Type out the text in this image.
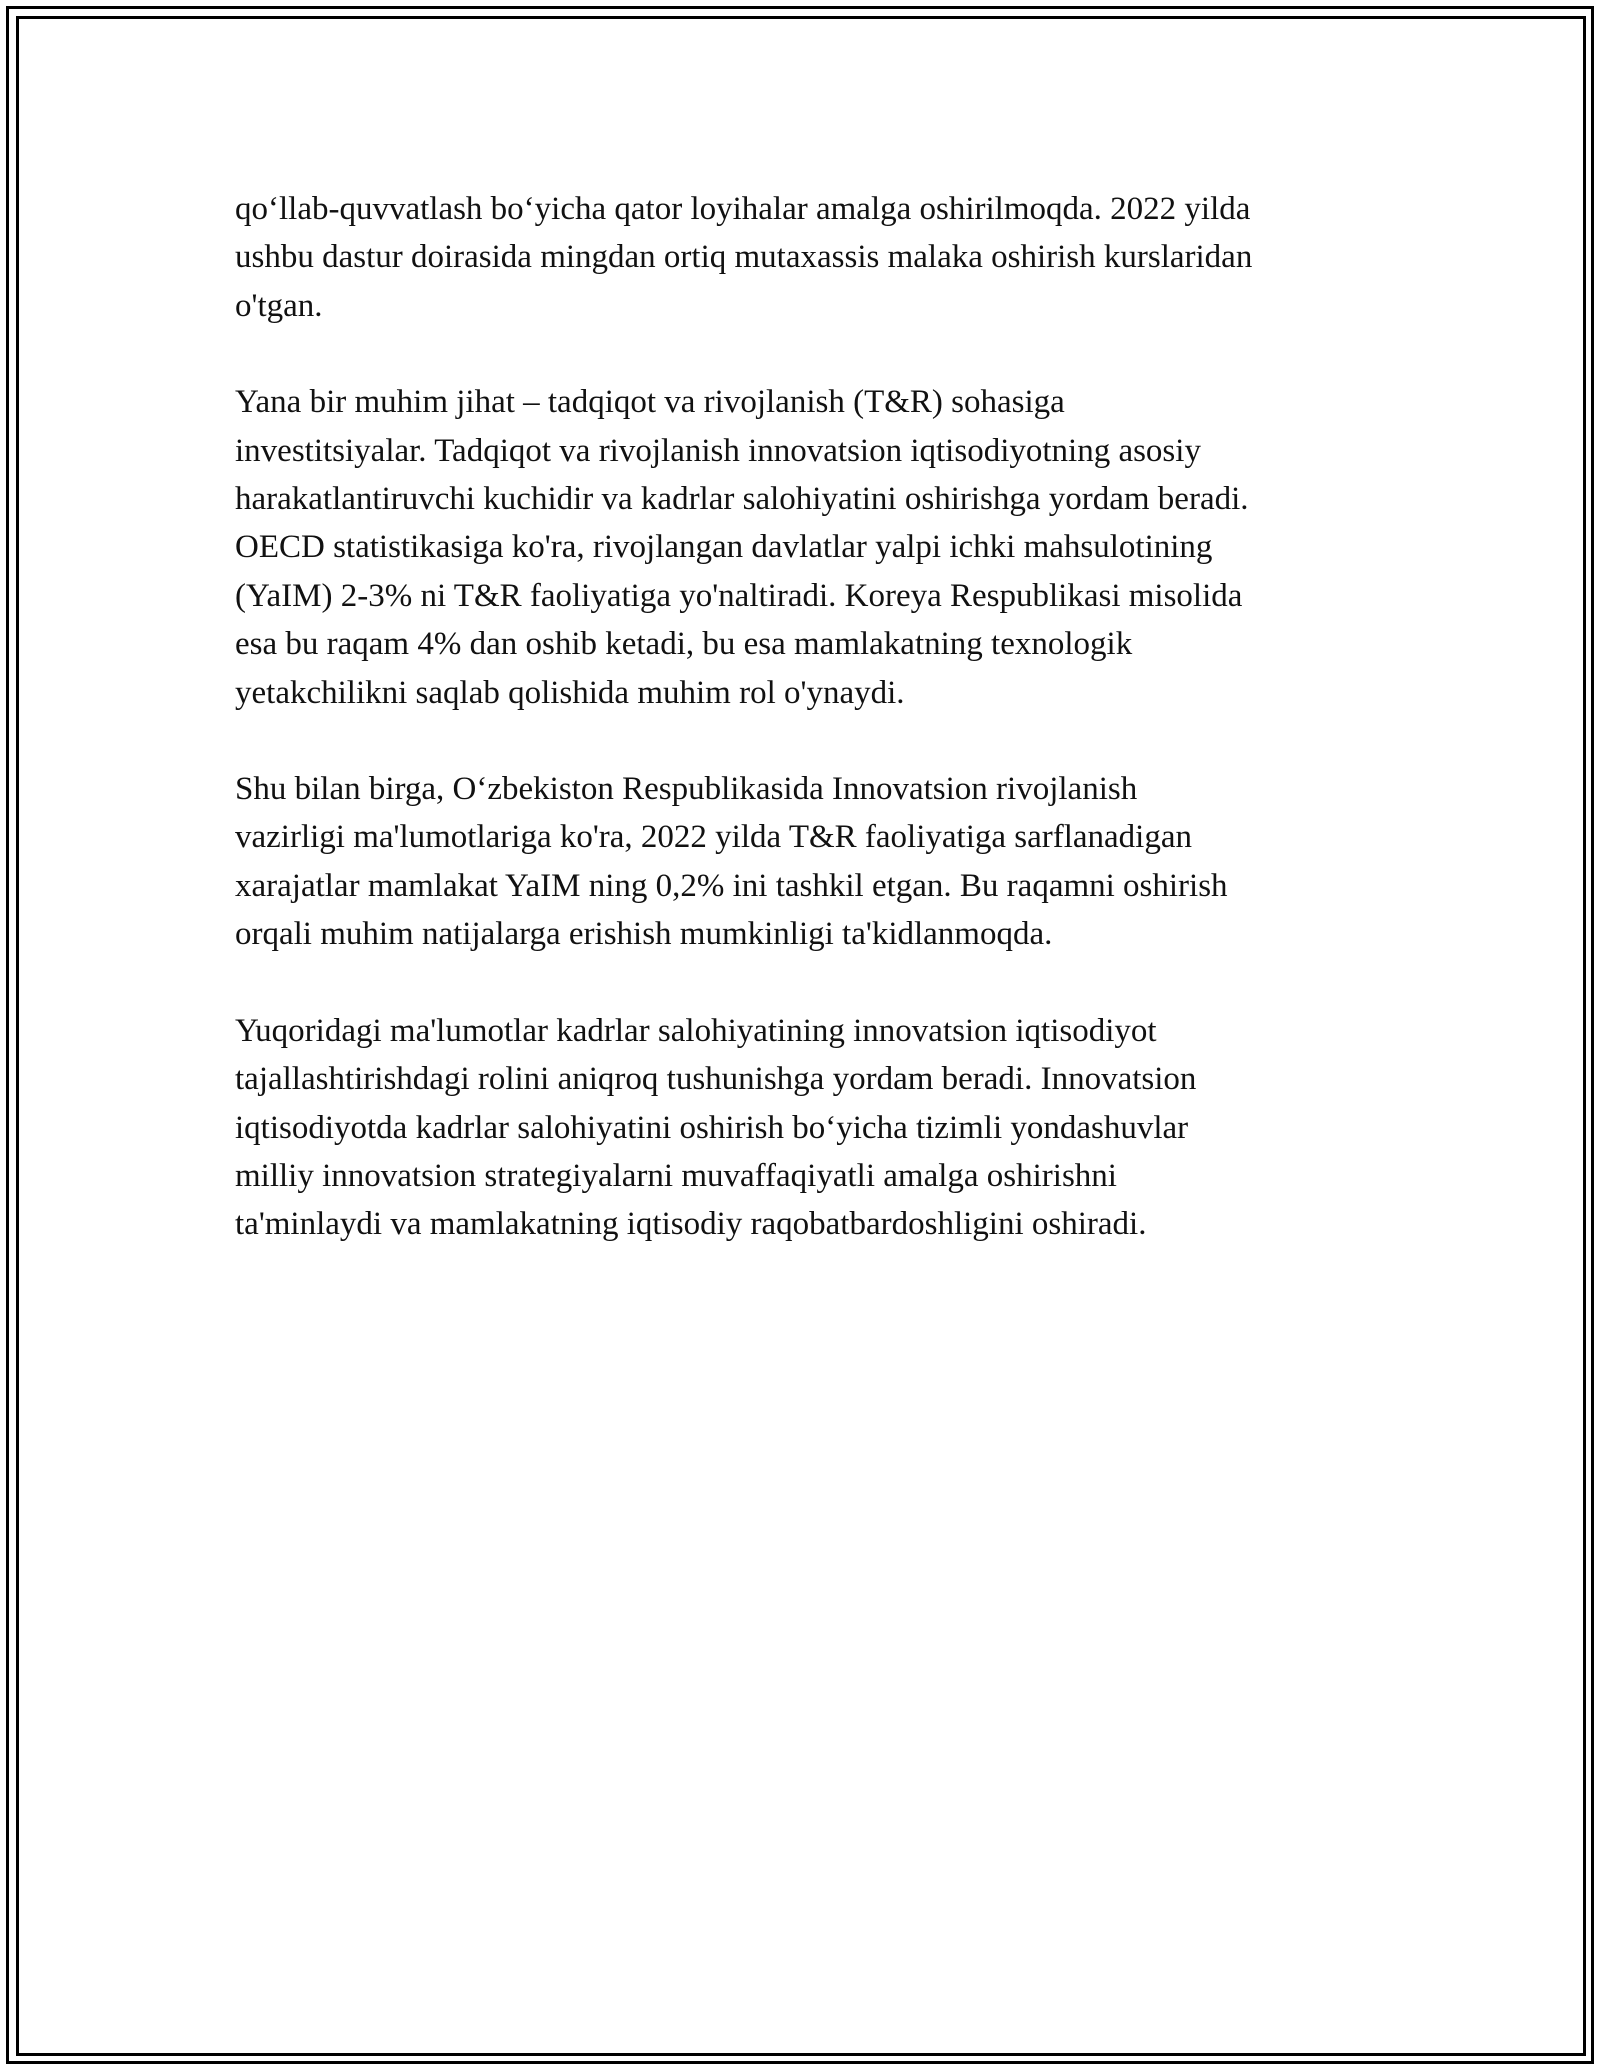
qo‘llab-quvvatlash bo‘yicha qator loyihalar amalga oshirilmoqda. 2022 yilda
ushbu dastur doirasida mingdan ortiq mutaxassis malaka oshirish kurslaridan
o'tgan.

Yana bir muhim jihat – tadqiqot va rivojlanish (T&R) sohasiga
investitsiyalar. Tadqiqot va rivojlanish innovatsion iqtisodiyotning asosiy
harakatlantiruvchi kuchidir va kadrlar salohiyatini oshirishga yordam beradi.
OECD statistikasiga ko'ra, rivojlangan davlatlar yalpi ichki mahsulotining
(YaIM) 2-3% ni T&R faoliyatiga yo'naltiradi. Koreya Respublikasi misolida
esa bu raqam 4% dan oshib ketadi, bu esa mamlakatning texnologik
yetakchilikni saqlab qolishida muhim rol o'ynaydi.

Shu bilan birga, O‘zbekiston Respublikasida Innovatsion rivojlanish
vazirligi ma'lumotlariga ko'ra, 2022 yilda T&R faoliyatiga sarflanadigan
xarajatlar mamlakat YaIM ning 0,2% ini tashkil etgan. Bu raqamni oshirish
orqali muhim natijalarga erishish mumkinligi ta'kidlanmoqda.

Yuqoridagi ma'lumotlar kadrlar salohiyatining innovatsion iqtisodiyot
tajallashtirishdagi rolini aniqroq tushunishga yordam beradi. Innovatsion
iqtisodiyotda kadrlar salohiyatini oshirish bo‘yicha tizimli yondashuvlar
milliy innovatsion strategiyalarni muvaffaqiyatli amalga oshirishni
ta'minlaydi va mamlakatning iqtisodiy raqobatbardoshligini oshiradi.
